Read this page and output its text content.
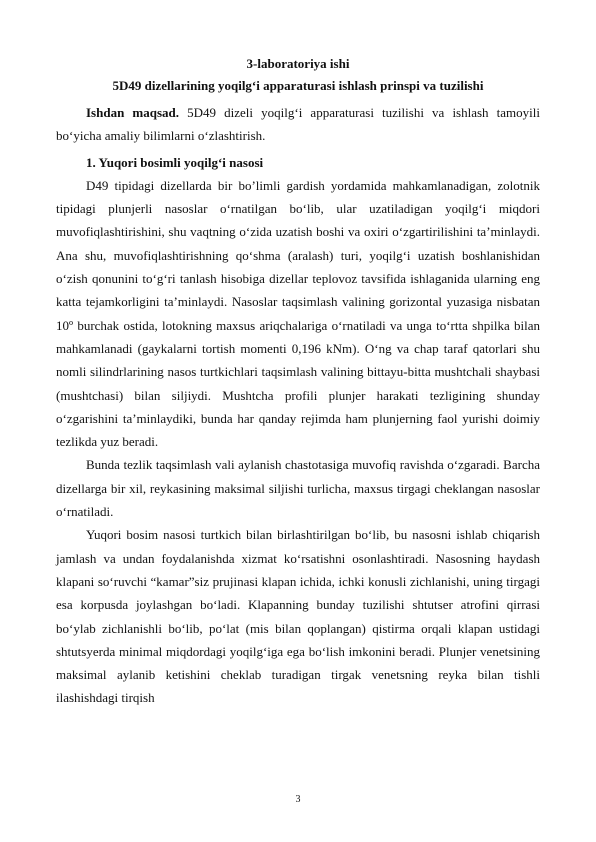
3-laboratoriya ishi

5D49 dizellarining yoqilg‘i apparaturasi ishlash prinspi va tuzilishi

Ishdan maqsad. 5D49 dizeli yoqilg‘i apparaturasi tuzilishi va ishlash tamoyili bo‘yicha amaliy bilimlarni o‘zlashtirish.

1. Yuqori bosimli yoqilg‘i nasosi

D49 tipidagi dizellarda bir bo’limli gardish yordamida mahkamlanadigan, zolotnik tipidagi plunjerli nasoslar o‘rnatilgan bo‘lib, ular uzatiladigan yoqilg‘i miqdori muvofiqlashtirishini, shu vaqtning o‘zida uzatish boshi va oxiri o‘zgartirilishini ta’minlaydi. Ana shu, muvofiqlashtirishning qo‘shma (aralash) turi, yoqilg‘i uzatish boshlanishidan o‘zish qonunini to‘g‘ri tanlash hisobiga dizellar teplovoz tavsifida ishlaganida ularning eng katta tejamkorligini ta’minlaydi. Nasoslar taqsimlash valining gorizontal yuzasiga nisbatan 10º burchak ostida, lotokning maxsus ariqchalariga o‘rnatiladi va unga to‘rtta shpilka bilan mahkamlanadi (gaykalarni tortish momenti 0,196 kNm). O‘ng va chap taraf qatorlari shu nomli silindrlarining nasos turtkichlari taqsimlash valining bittayu-bitta mushtchali shaybasi (mushtchasi) bilan siljiydi. Mushtcha profili plunjer harakati tezligining shunday o‘zgarishini ta’minlaydiki, bunda har qanday rejimda ham plunjerning faol yurishi doimiy tezlikda yuz beradi.

Bunda tezlik taqsimlash vali aylanish chastotasiga muvofiq ravishda o‘zgaradi. Barcha dizellarga bir xil, reykasining maksimal siljishi turlicha, maxsus tirgagi cheklangan nasoslar o‘rnatiladi.

Yuqori bosim nasosi turtkich bilan birlashtirilgan bo‘lib, bu nasosni ishlab chiqarish jamlash va undan foydalanishda xizmat ko‘rsatishni osonlashtiradi. Nasosning haydash klapani so‘ruvchi “kamar”siz prujinasi klapan ichida, ichki konusli zichlanishi, uning tirgagi esa korpusda joylashgan bo‘ladi. Klapanning bunday tuzilishi shtutser atrofini qirrasi bo‘ylab zichlanishli bo‘lib, po‘lat (mis bilan qoplangan) qistirma orqali klapan ustidagi shtutsyerda minimal miqdordagi yoqilg‘iga ega bo‘lish imkonini beradi. Plunjer venetsining maksimal aylanib ketishini cheklab turadigan tirgak venetsning reyka bilan tishli ilashishdagi tirqish

3
